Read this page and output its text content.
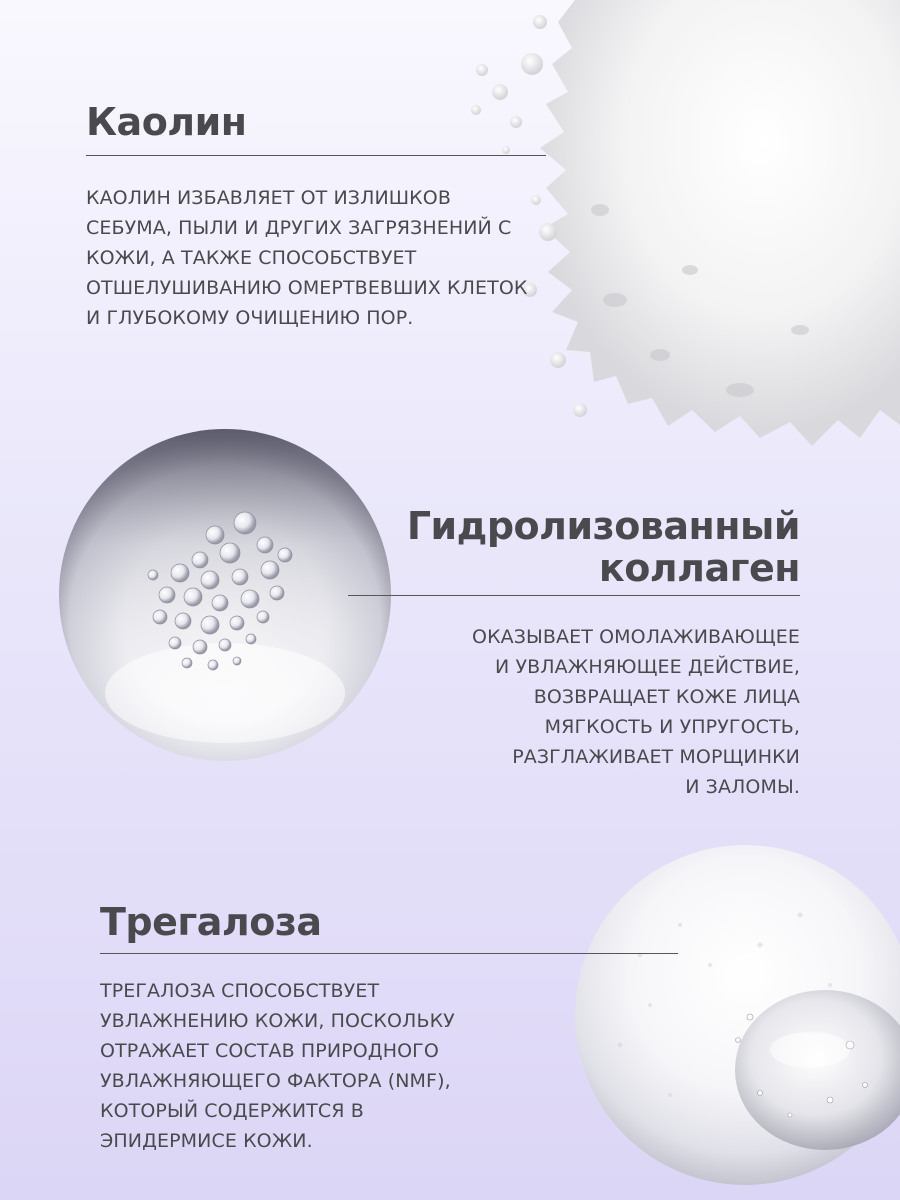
Каолин

КАОЛИН ИЗБАВЛЯЕТ ОТ ИЗЛИШКОВ
СЕБУМА, ПЫЛИ И ДРУГИХ ЗАГРЯЗНЕНИЙ С
КОЖИ, А ТАКЖЕ СПОСОБСТВУЕТ
ОТШЕЛУШИВАНИЮ ОМЕРТВЕВШИХ КЛЕТОК
И ГЛУБОКОМУ ОЧИЩЕНИЮ ПОР.

Гидролизованный
коллаген

ОКАЗЫВАЕТ ОМОЛАЖИВАЮЩЕЕ
И УВЛАЖНЯЮЩЕЕ ДЕЙСТВИЕ,
ВОЗВРАЩАЕТ КОЖЕ ЛИЦА
МЯГКОСТЬ И УПРУГОСТЬ,
РАЗГЛАЖИВАЕТ МОРЩИНКИ
И ЗАЛОМЫ.

Трегалоза

ТРЕГАЛОЗА СПОСОБСТВУЕТ
УВЛАЖНЕНИЮ КОЖИ, ПОСКОЛЬКУ
ОТРАЖАЕТ СОСТАВ ПРИРОДНОГО
УВЛАЖНЯЮЩЕГО ФАКТОРА (NMF),
КОТОРЫЙ СОДЕРЖИТСЯ В
ЭПИДЕРМИСЕ КОЖИ.
